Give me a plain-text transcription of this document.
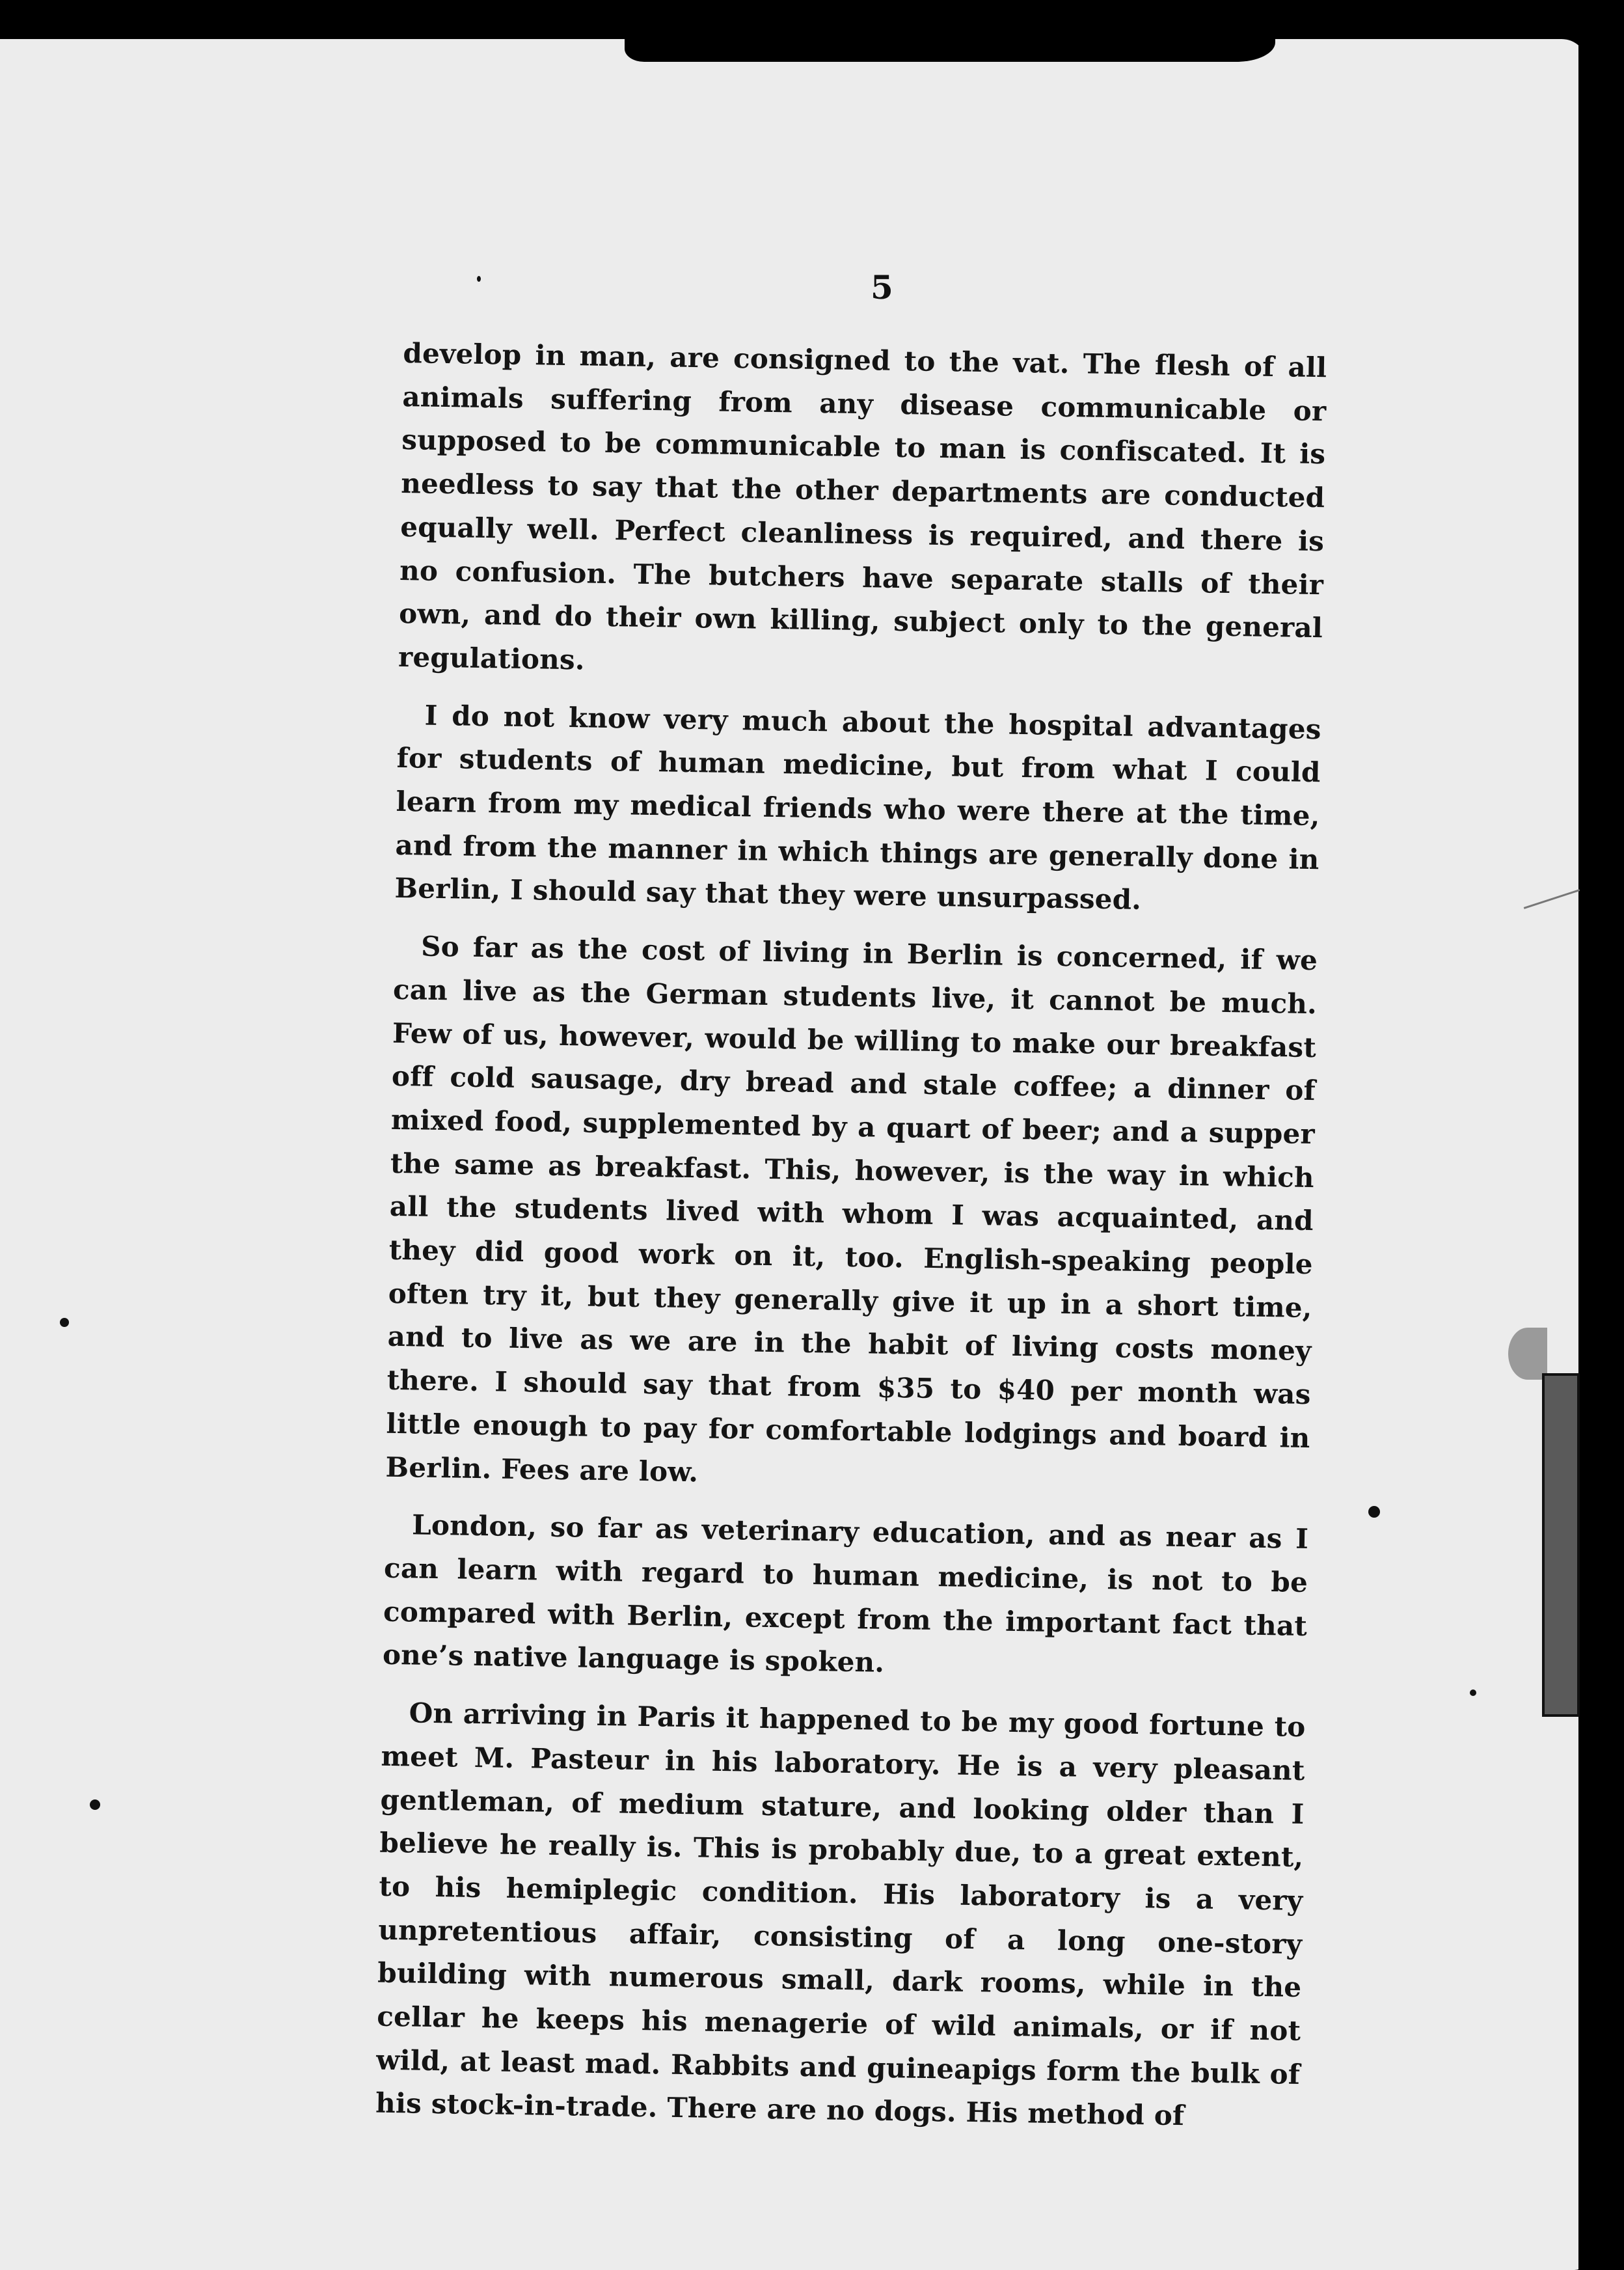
5

develop in man, are consigned to the vat. The flesh of all animals suffering from any disease communicable or supposed to be communicable to man is confiscated. It is needless to say that the other departments are conducted equally well. Perfect cleanliness is required, and there is no confusion. The butchers have separate stalls of their own, and do their own killing, subject only to the general regulations.

I do not know very much about the hospital advantages for students of human medicine, but from what I could learn from my medical friends who were there at the time, and from the manner in which things are generally done in Berlin, I should say that they were unsurpassed.

So far as the cost of living in Berlin is concerned, if we can live as the German students live, it cannot be much. Few of us, however, would be willing to make our breakfast off cold sausage, dry bread and stale coffee; a dinner of mixed food, supplemented by a quart of beer; and a supper the same as breakfast. This, however, is the way in which all the students lived with whom I was acquainted, and they did good work on it, too. English-speaking people often try it, but they generally give it up in a short time, and to live as we are in the habit of living costs money there. I should say that from $35 to $40 per month was little enough to pay for comfortable lodgings and board in Berlin. Fees are low.

London, so far as veterinary education, and as near as I can learn with regard to human medicine, is not to be compared with Berlin, except from the important fact that one’s native language is spoken.

On arriving in Paris it happened to be my good fortune to meet M. Pasteur in his laboratory. He is a very pleasant gentleman, of medium stature, and looking older than I believe he really is. This is probably due, to a great extent, to his hemiplegic condition. His laboratory is a very unpretentious affair, consisting of a long one-story building with numerous small, dark rooms, while in the cellar he keeps his menagerie of wild animals, or if not wild, at least mad. Rabbits and guineapigs form the bulk of his stock-in-trade. There are no dogs. His method of
